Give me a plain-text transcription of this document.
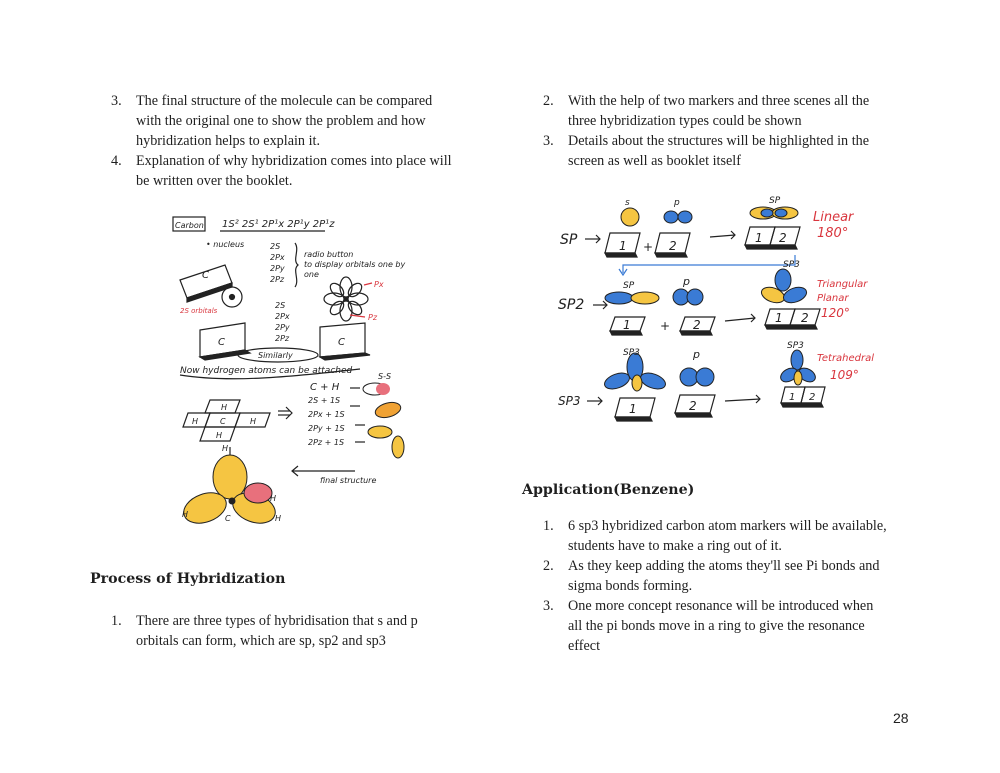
3. The final structure of the molecule can be compared
with the original one to show the problem and how
hybridization helps to explain it.
4. Explanation of why hybridization comes into place will
be written over the booklet.
Carbon 1S² 2S¹ 2P¹x 2P¹y 2P¹z
• nucleus	2S
2Px
2Py
2Pz
radio button
to display orbitals one by
one
C
2S orbitals
2S
2Px
2Py
2Pz
Px
Pz
C	C
Similarly
Now hydrogen atoms can be attached
C + H
2S + 1S
2Px + 1S
2Py + 1S
2Pz + 1S
S-S
final structure
H
H	C	H
H
H
H
H	C	H
Process of Hybridization
1. There are three types of hybridisation that s and p
orbitals can form, which are sp, sp2 and sp3
2. With the help of two markers and three scenes all the
three hybridization types could be shown
3. Details about the structures will be highlighted in the
screen as well as booklet itself
SP
SP2
SP3
1	2
1 2
1	2	1 2
1	2
1 2
+
+
s	p	SP
SP	p
SP3
SP3	p
SP3
Linear
180°
Triangular
Planar
120°
Tetrahedral
109°
Application(Benzene)
1. 6 sp3 hybridized carbon atom markers will be available,
students have to make a ring out of it.
2. As they keep adding the atoms they'll see Pi bonds and
sigma bonds forming.
3. One more concept resonance will be introduced when
all the pi bonds move in a ring to give the resonance
effect
28
